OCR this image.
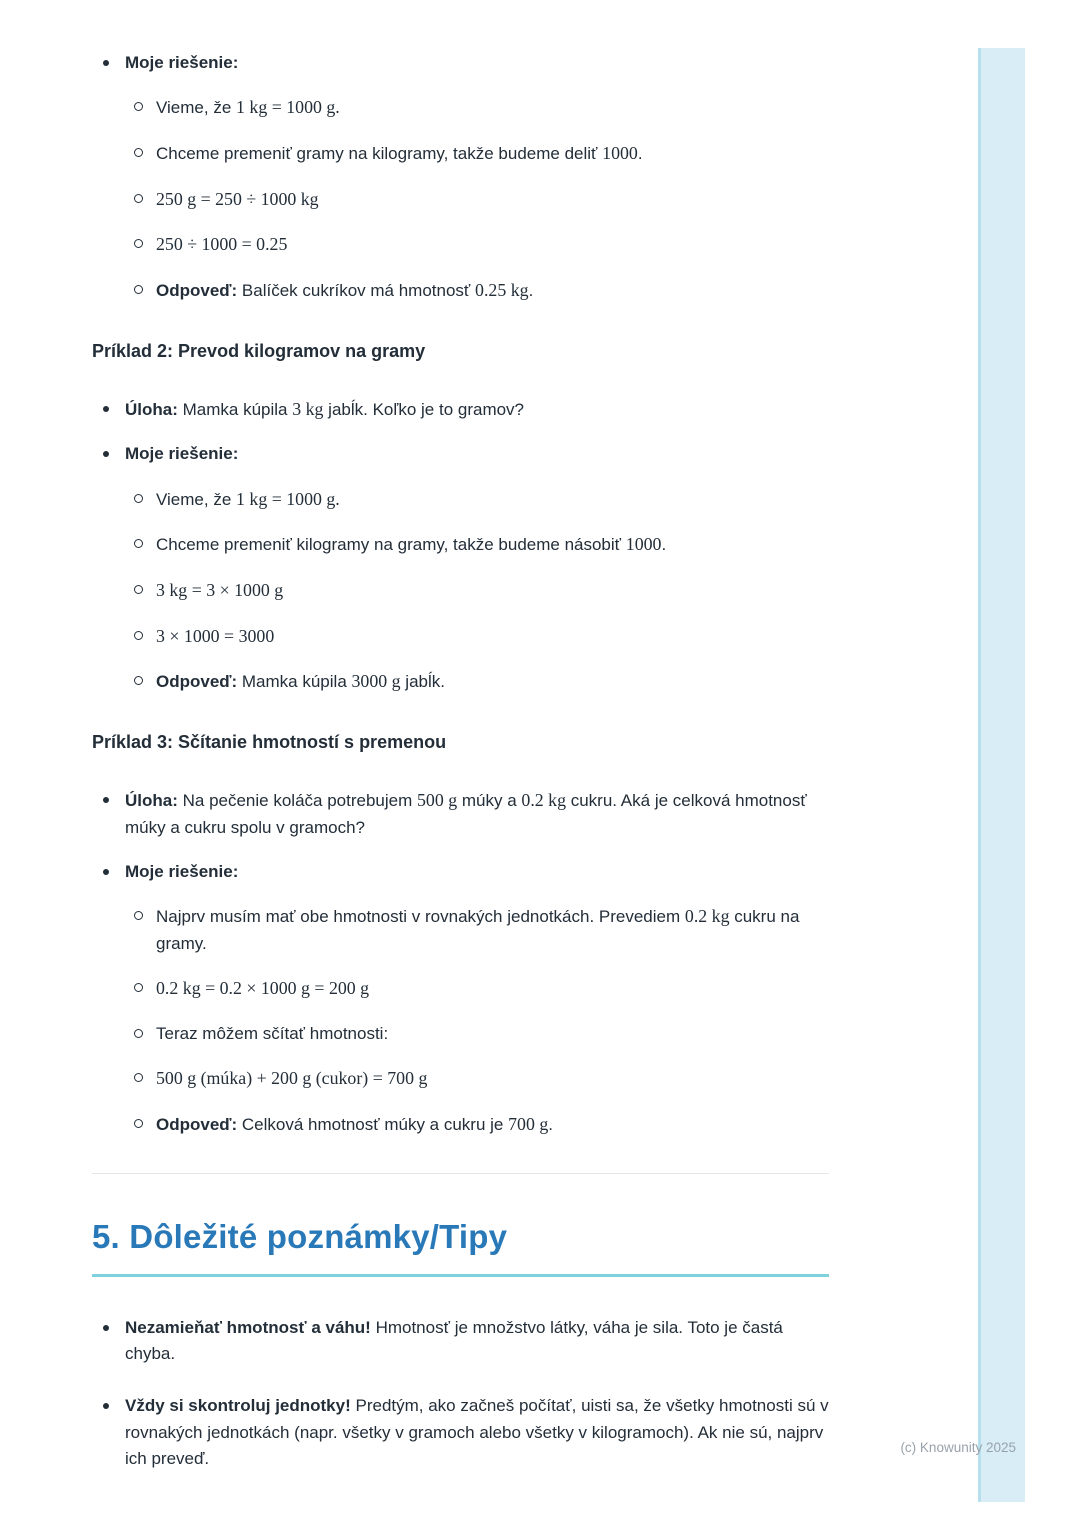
Moje riešenie:
Vieme, že 1 kg = 1000 g.
Chceme premeniť gramy na kilogramy, takže budeme deliť 1000.
250 g = 250 ÷ 1000 kg
250 ÷ 1000 = 0.25
Odpoveď: Balíček cukríkov má hmotnosť 0.25 kg.
Príklad 2: Prevod kilogramov na gramy
Úloha: Mamka kúpila 3 kg jabĺk. Koľko je to gramov?
Moje riešenie:
Vieme, že 1 kg = 1000 g.
Chceme premeniť kilogramy na gramy, takže budeme násobiť 1000.
3 kg = 3 × 1000 g
3 × 1000 = 3000
Odpoveď: Mamka kúpila 3000 g jabĺk.
Príklad 3: Sčítanie hmotností s premenou
Úloha: Na pečenie koláča potrebujem 500 g múky a 0.2 kg cukru. Aká je celková hmotnosť múky a cukru spolu v gramoch?
Moje riešenie:
Najprv musím mať obe hmotnosti v rovnakých jednotkách. Prevediem 0.2 kg cukru na gramy.
0.2 kg = 0.2 × 1000 g = 200 g
Teraz môžem sčítať hmotnosti:
500 g (múka) + 200 g (cukor) = 700 g
Odpoveď: Celková hmotnosť múky a cukru je 700 g.
5. Dôležité poznámky/Tipy
Nezamieňať hmotnosť a váhu! Hmotnosť je množstvo látky, váha je sila. Toto je častá chyba.
Vždy si skontroluj jednotky! Predtým, ako začneš počítať, uisti sa, že všetky hmotnosti sú v rovnakých jednotkách (napr. všetky v gramoch alebo všetky v kilogramoch). Ak nie sú, najprv ich preveď.
(c) Knowunity 2025
